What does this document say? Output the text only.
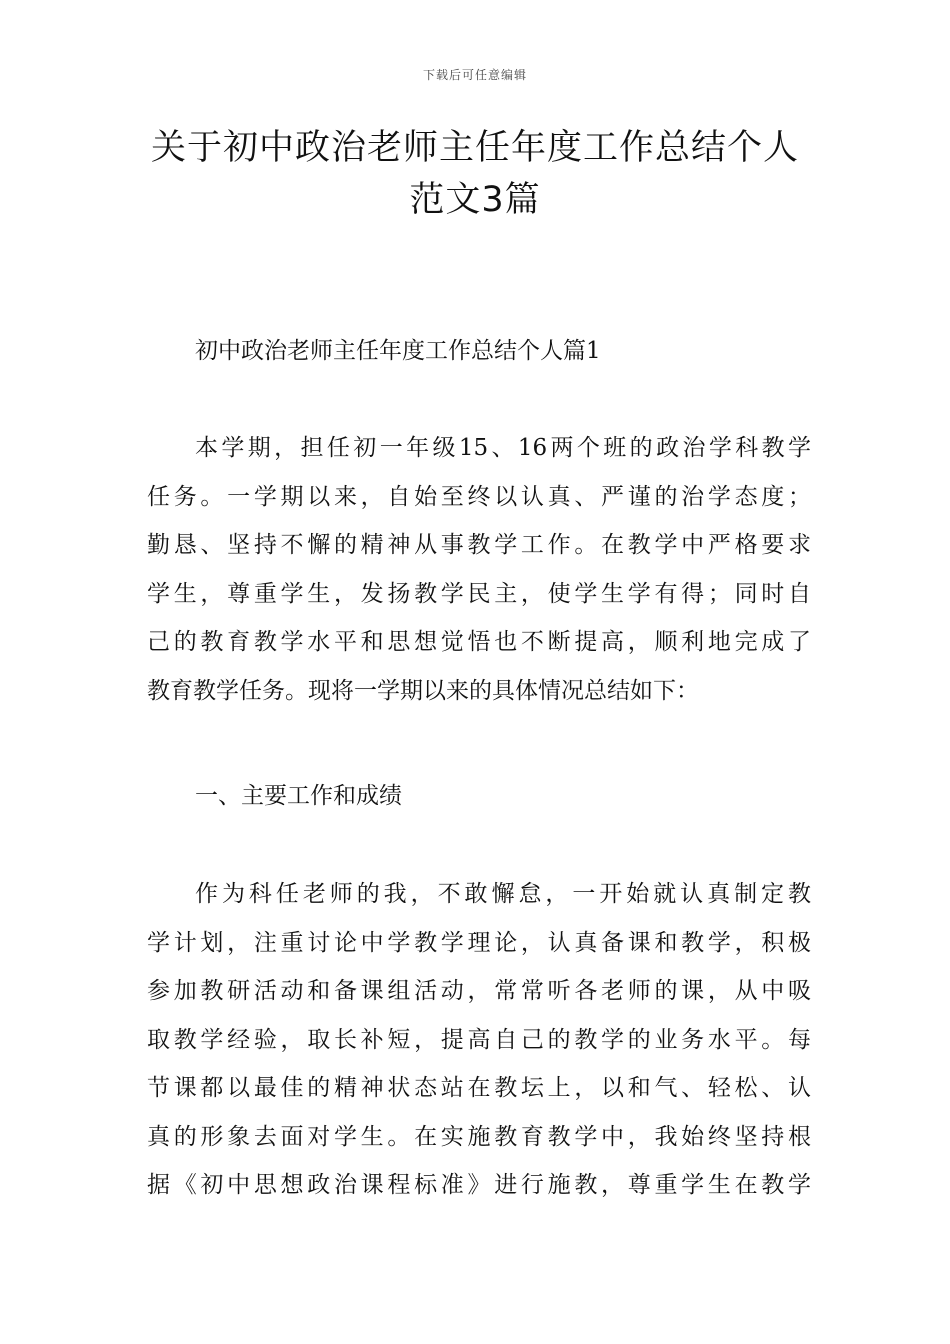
下载后可任意编辑
关于初中政治老师主任年度工作总结个人
范文3篇

初中政治老师主任年度工作总结个人篇1

本学期，担任初一年级15、16两个班的政治学科教学
任务。一学期以来，自始至终以认真、严谨的治学态度；
勤恳、坚持不懈的精神从事教学工作。在教学中严格要求
学生，尊重学生，发扬教学民主，使学生学有得；同时自
己的教育教学水平和思想觉悟也不断提高，顺利地完成了
教育教学任务。现将一学期以来的具体情况总结如下：

一、主要工作和成绩

作为科任老师的我，不敢懈怠，一开始就认真制定教
学计划，注重讨论中学教学理论，认真备课和教学，积极
参加教研活动和备课组活动，常常听各老师的课，从中吸
取教学经验，取长补短，提高自己的教学的业务水平。每
节课都以最佳的精神状态站在教坛上，以和气、轻松、认
真的形象去面对学生。在实施教育教学中，我始终坚持根
据《初中思想政治课程标准》进行施教，尊重学生在教学
